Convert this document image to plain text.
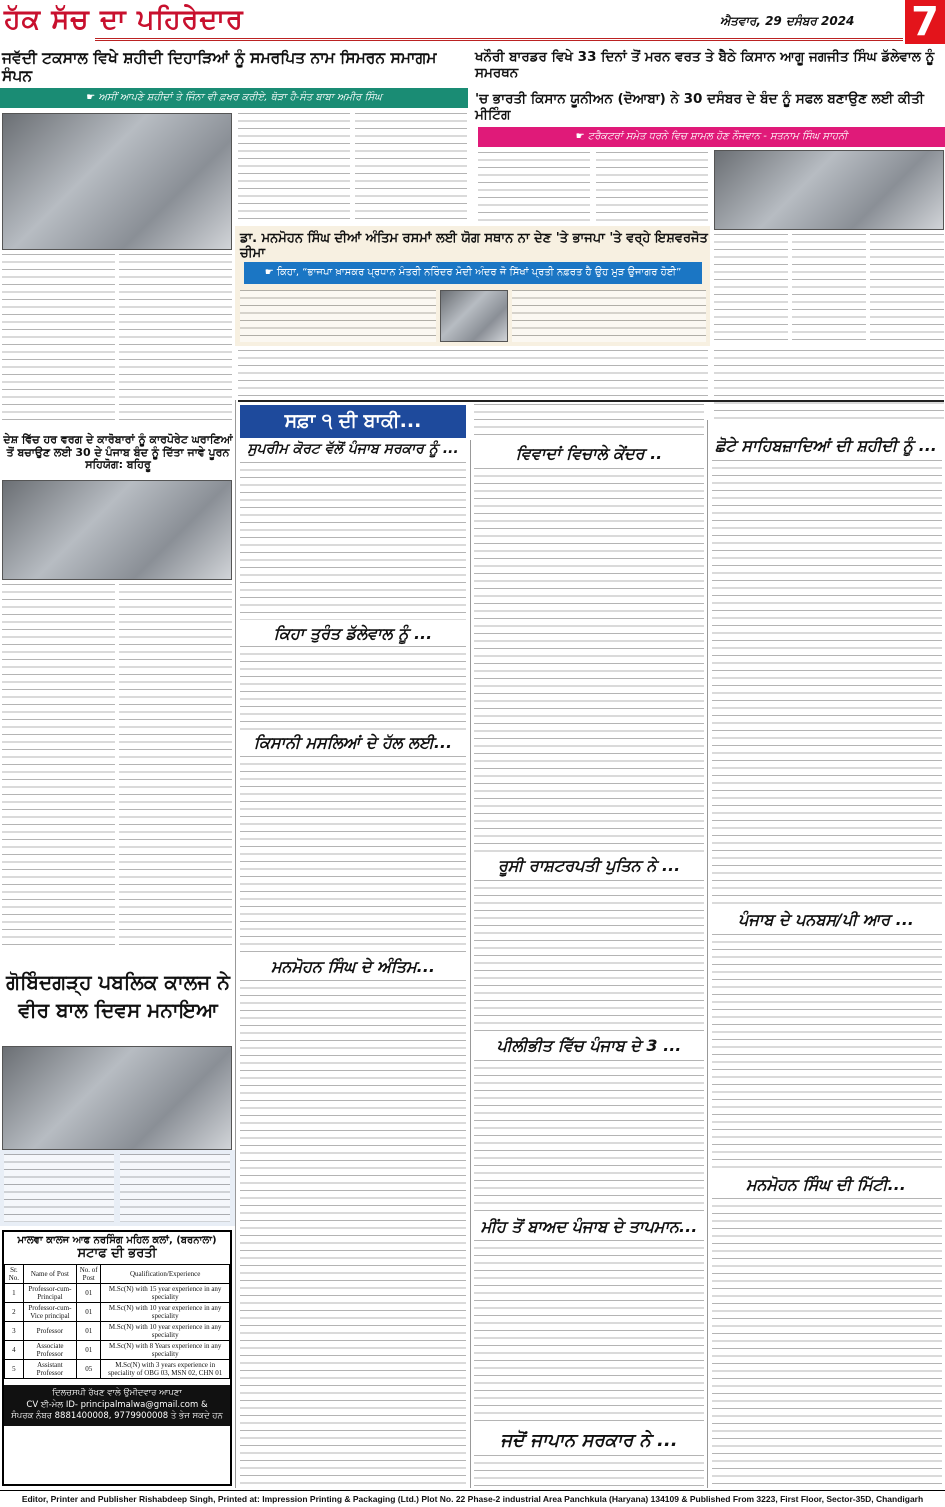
ਹੱਕ ਸੱਚ ਦਾ ਪਹਿਰੇਦਾਰ	ਐਤਵਾਰ, 29 ਦਸੰਬਰ 2024 7
ਜਵੱਦੀ ਟਕਸਾਲ ਵਿਖੇ ਸ਼ਹੀਦੀ ਦਿਹਾੜਿਆਂ ਨੂੰ ਸਮਰਪਿਤ ਨਾਮ ਸਿਮਰਨ ਸਮਾਗਮ ਸੰਪਨ
☛ ਅਸੀਂ ਆਪਣੇ ਸ਼ਹੀਦਾਂ ਤੇ ਜਿੰਨਾ ਵੀ ਫ਼ਖਰ ਕਰੀਏ, ਥੋੜਾ ਹੈ-ਸੰਤ ਬਾਬਾ ਅਮੀਰ ਸਿੰਘ
ਖਨੌਰੀ ਬਾਰਡਰ ਵਿਖੇ 33 ਦਿਨਾਂ ਤੋਂ ਮਰਨ ਵਰਤ ਤੇ ਬੈਠੇ ਕਿਸਾਨ ਆਗੂ ਜਗਜੀਤ ਸਿੰਘ ਡੱਲੇਵਾਲ ਨੂੰ ਸਮਰਥਨ
'ਚ ਭਾਰਤੀ ਕਿਸਾਨ ਯੂਨੀਅਨ (ਦੋਆਬਾ) ਨੇ 30 ਦਸੰਬਰ ਦੇ ਬੰਦ ਨੂੰ ਸਫਲ ਬਣਾਉਣ ਲਈ ਕੀਤੀ ਮੀਟਿੰਗ
☛ ਟਰੈਕਟਰਾਂ ਸਮੇਤ ਧਰਨੇ ਵਿਚ ਸ਼ਾਮਲ ਹੋਣ ਨੌਜਵਾਨ - ਸਤਨਾਮ ਸਿੰਘ ਸਾਹਨੀ
ਡਾ. ਮਨਮੋਹਨ ਸਿੰਘ ਦੀਆਂ ਅੰਤਿਮ ਰਸਮਾਂ ਲਈ ਯੋਗ ਸਥਾਨ ਨਾ ਦੇਣ 'ਤੇ ਭਾਜਪਾ 'ਤੇ ਵਰ੍ਹੇ ਇਸ਼ਵਰਜੋਤ ਚੀਮਾ
☛ ਕਿਹਾ, “ਭਾਜਪਾ ਖ਼ਾਸਕਰ ਪ੍ਰਧਾਨ ਮੰਤਰੀ ਨਰਿੰਦਰ ਮੋਦੀ ਅੰਦਰ ਜੋ ਸਿੱਖਾਂ ਪ੍ਰਤੀ ਨਫ਼ਰਤ ਹੈ ਉਹ ਮੁੜ ਉਜਾਗਰ ਹੋਈ”
ਦੇਸ਼ ਵਿੱਚ ਹਰ ਵਰਗ ਦੇ ਕਾਰੋਬਾਰਾਂ ਨੂੰ ਕਾਰਪੋਰੇਟ ਘਰਾਣਿਆਂ ਤੋਂ ਬਚਾਉਣ ਲਈ 30 ਦੇ ਪੰਜਾਬ ਬੰਦ ਨੂੰ ਦਿੱਤਾ ਜਾਵੇ ਪੂਰਨ ਸਹਿਯੋਗ: ਬਹਿਰੂ
ਗੋਬਿੰਦਗੜ੍ਹ ਪਬਲਿਕ ਕਾਲਜ ਨੇ ਵੀਰ ਬਾਲ ਦਿਵਸ ਮਨਾਇਆ
ਮਾਲਵਾ ਕਾਲਜ ਆਫ ਨਰਸਿੰਗ ਮਹਿਲ ਕਲਾਂ, (ਬਰਨਾਲਾ)
ਸਟਾਫ ਦੀ ਭਰਤੀ
Sr. No.	Name of Post	No. of Post	Qualification/Experience
1	Professor-cum-Principal	01	M.Sc(N) with 15 year experience in any speciality
2	Professor-cum-Vice principal	01	M.Sc(N) with 10 year experience in any speciality
3	Professor	01	M.Sc(N) with 10 year experience in any speciality
4	Associate Professor	01	M.Sc(N) with 8 Years experience in any speciality
5	Assistant Professor	05	M.Sc(N) with 3 years experience in speciality of OBG 03, MSN 02, CHN 01
ਦਿਲਚਸਪੀ ਰੱਖਣ ਵਾਲੇ ਉਮੀਦਵਾਰ ਆਪਣਾ
CV ਈ-ਮੇਲ ID- principalmalwa@gmail.com &
ਸੰਪਰਕ ਨੰਬਰ 8881400008, 9779900008 ਤੇ ਭੇਜ ਸਕਦੇ ਹਨ
ਸਫ਼ਾ ੧ ਦੀ ਬਾਕੀ...
ਸੁਪਰੀਮ ਕੋਰਟ ਵੱਲੋਂ ਪੰਜਾਬ ਸਰਕਾਰ ਨੂੰ ...
ਕਿਹਾ ਤੁਰੰਤ ਡੱਲੇਵਾਲ ਨੂੰ ...
ਕਿਸਾਨੀ ਮਸਲਿਆਂ ਦੇ ਹੱਲ ਲਈ...
ਮਨਮੋਹਨ ਸਿੰਘ ਦੇ ਅੰਤਿਮ...
ਵਿਵਾਦਾਂ ਵਿਚਾਲੇ ਕੇਂਦਰ ..
ਰੂਸੀ ਰਾਸ਼ਟਰਪਤੀ ਪੁਤਿਨ ਨੇ ...
ਪੀਲੀਭੀਤ ਵਿੱਚ ਪੰਜਾਬ ਦੇ 3 ...
ਮੀਂਹ ਤੋਂ ਬਾਅਦ ਪੰਜਾਬ ਦੇ ਤਾਪਮਾਨ...
ਜਦੋਂ ਜਾਪਾਨ ਸਰਕਾਰ ਨੇ ...
ਛੋਟੇ ਸਾਹਿਬਜ਼ਾਦਿਆਂ ਦੀ ਸ਼ਹੀਦੀ ਨੂੰ ...
ਪੰਜਾਬ ਦੇ ਪਨਬਸ/ਪੀ ਆਰ ...
ਮਨਮੋਹਨ ਸਿੰਘ ਦੀ ਮਿੱਟੀ...
Editor, Printer and Publisher Rishabdeep Singh, Printed at: Impression Printing & Packaging (Ltd.) Plot No. 22 Phase-2 industrial Area Panchkula (Haryana) 134109 & Published From 3223, First Floor, Sector-35D, Chandigarh
